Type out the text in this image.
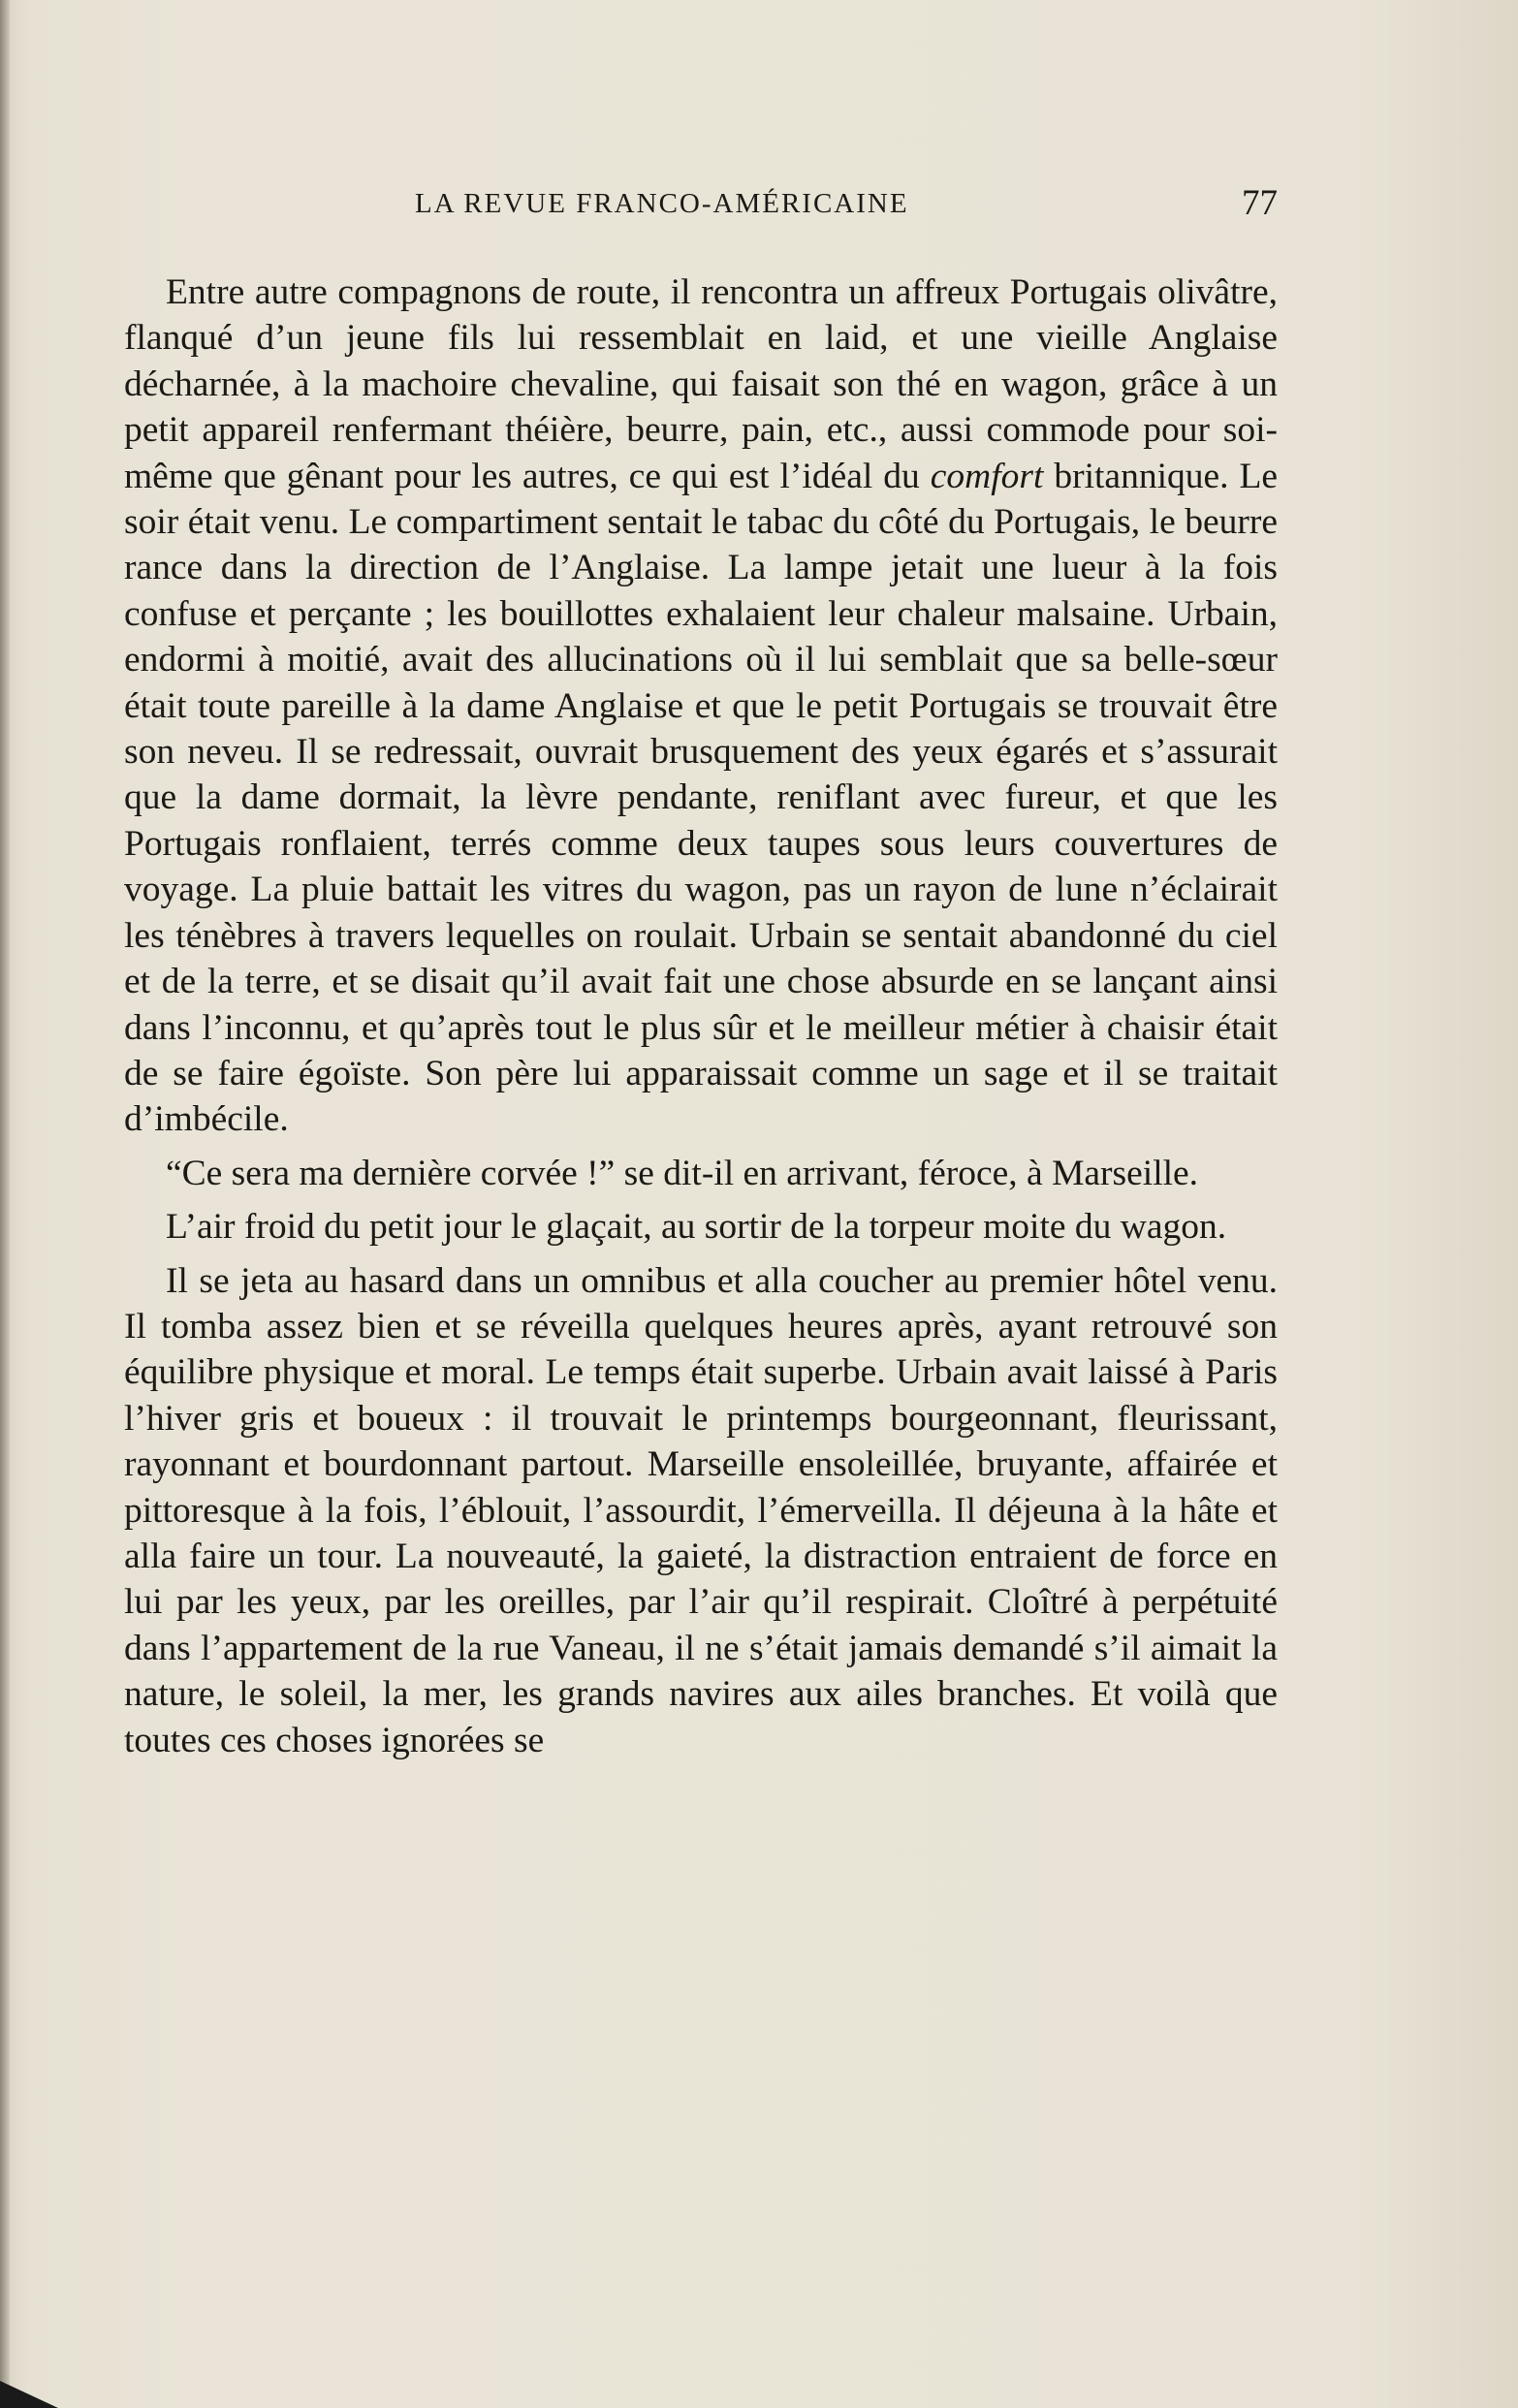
LA REVUE FRANCO-AMÉRICAINE	77

Entre autre compagnons de route, il rencontra un affreux Portugais olivâtre, flanqué d’un jeune fils lui ressemblait en laid, et une vieille Anglaise décharnée, à la machoire chevaline, qui faisait son thé en wagon, grâce à un petit appareil renfermant théière, beurre, pain, etc., aussi commode pour soi-même que gênant pour les autres, ce qui est l’idéal du comfort britannique. Le soir était venu. Le compartiment sentait le tabac du côté du Portugais, le beurre rance dans la direction de l’Anglaise. La lampe jetait une lueur à la fois confuse et perçante ; les bouillottes exhalaient leur chaleur malsaine. Urbain, endormi à moitié, avait des allucinations où il lui semblait que sa belle-sœur était toute pareille à la dame Anglaise et que le petit Portugais se trouvait être son neveu. Il se redressait, ouvrait brusquement des yeux égarés et s’assurait que la dame dormait, la lèvre pendante, reniflant avec fureur, et que les Portugais ronflaient, terrés comme deux taupes sous leurs couvertures de voyage. La pluie battait les vitres du wagon, pas un rayon de lune n’éclairait les ténèbres à travers lequelles on roulait. Urbain se sentait abandonné du ciel et de la terre, et se disait qu’il avait fait une chose absurde en se lançant ainsi dans l’inconnu, et qu’après tout le plus sûr et le meilleur métier à chaisir était de se faire égoïste. Son père lui apparaissait comme un sage et il se traitait d’imbécile.

“Ce sera ma dernière corvée !” se dit-il en arrivant, féroce, à Marseille.

L’air froid du petit jour le glaçait, au sortir de la torpeur moite du wagon.

Il se jeta au hasard dans un omnibus et alla coucher au premier hôtel venu. Il tomba assez bien et se réveilla quelques heures après, ayant retrouvé son équilibre physique et moral. Le temps était superbe. Urbain avait laissé à Paris l’hiver gris et boueux : il trouvait le printemps bourgeonnant, fleurissant, rayonnant et bourdonnant partout. Marseille ensoleillée, bruyante, affairée et pittoresque à la fois, l’éblouit, l’assourdit, l’émerveilla. Il déjeuna à la hâte et alla faire un tour. La nouveauté, la gaieté, la distraction entraient de force en lui par les yeux, par les oreilles, par l’air qu’il respirait. Cloîtré à perpétuité dans l’appartement de la rue Vaneau, il ne s’était jamais demandé s’il aimait la nature, le soleil, la mer, les grands navires aux ailes branches. Et voilà que toutes ces choses ignorées se
